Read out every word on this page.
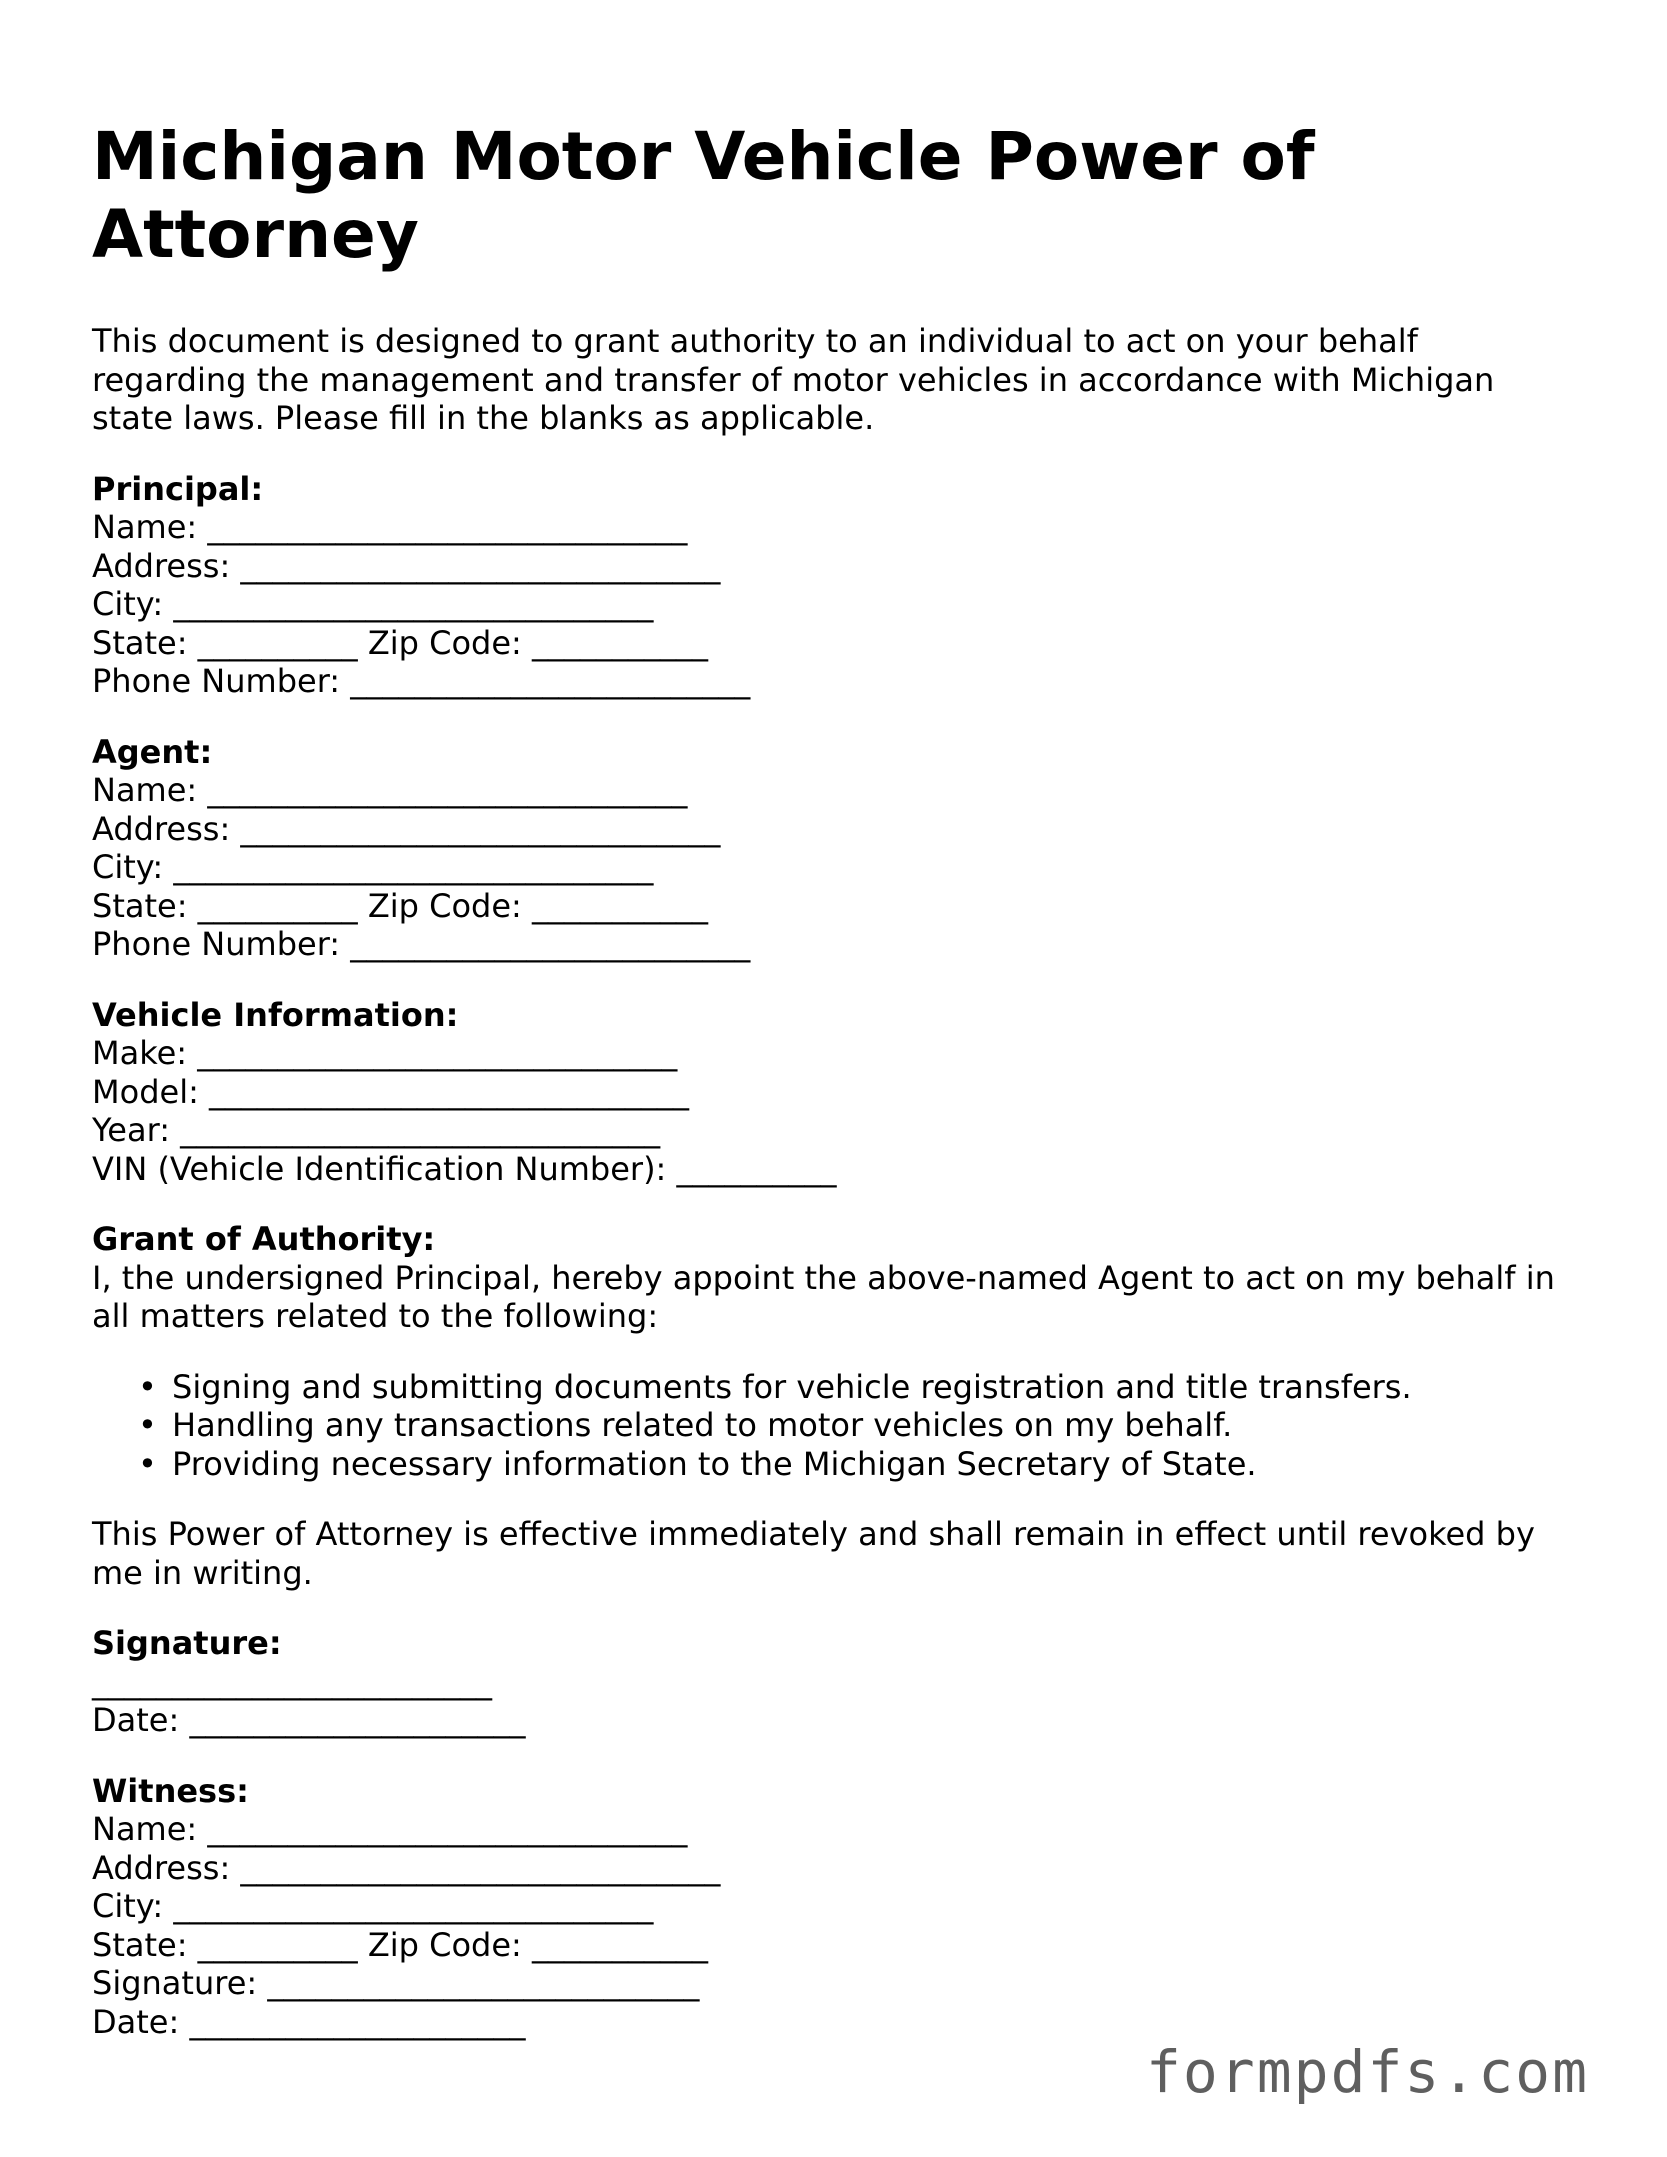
Michigan Motor Vehicle Power of Attorney

This document is designed to grant authority to an individual to act on your behalf regarding the management and transfer of motor vehicles in accordance with Michigan state laws. Please fill in the blanks as applicable.

Principal:
Name: ______________________________
Address: ______________________________
City: ______________________________
State: __________ Zip Code: ___________
Phone Number: _________________________
Agent:
Name: ______________________________
Address: ______________________________
City: ______________________________
State: __________ Zip Code: ___________
Phone Number: _________________________
Vehicle Information:
Make: ______________________________
Model: ______________________________
Year: ______________________________
VIN (Vehicle Identification Number): __________
Grant of Authority:
I, the undersigned Principal, hereby appoint the above-named Agent to act on my behalf in all matters related to the following:
• Signing and submitting documents for vehicle registration and title transfers.
• Handling any transactions related to motor vehicles on my behalf.
• Providing necessary information to the Michigan Secretary of State.
This Power of Attorney is effective immediately and shall remain in effect until revoked by me in writing.
Signature:
_________________________
Date: _____________________
Witness:
Name: ______________________________
Address: ______________________________
City: ______________________________
State: __________ Zip Code: ___________
Signature: ___________________________
Date: _____________________
formpdfs.com
